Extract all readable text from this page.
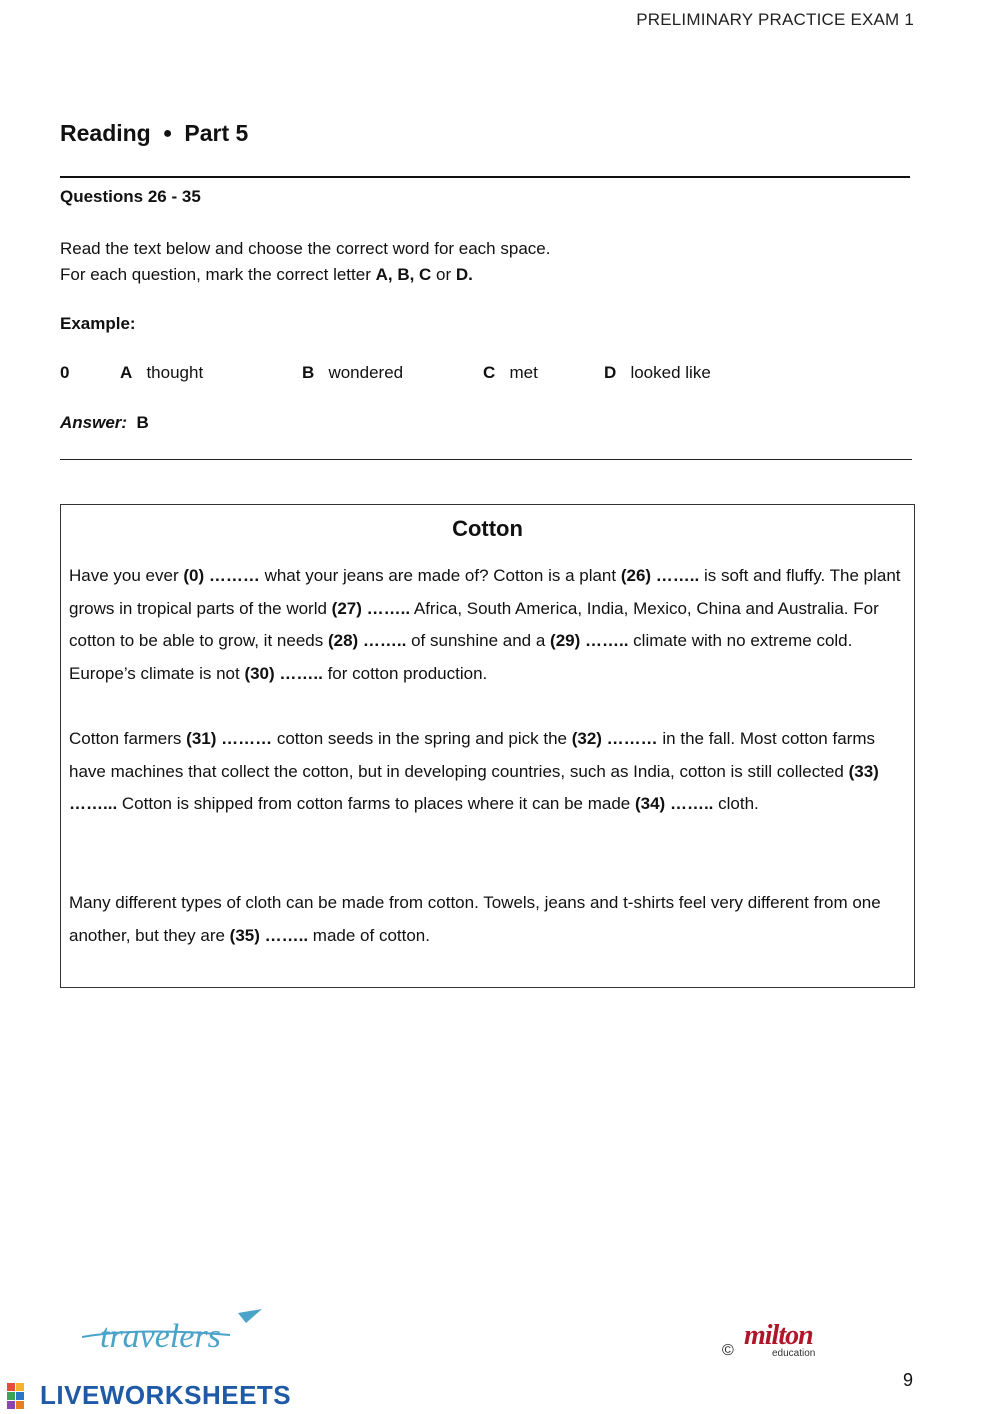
PRELIMINARY PRACTICE EXAM 1
Reading ● Part 5
Questions 26 - 35
Read the text below and choose the correct word for each space.
For each question, mark the correct letter A, B, C or D.
Example:
0	A thought	B wondered	C met	D looked like
Answer: B
Cotton
Have you ever (0) ……… what your jeans are made of? Cotton is a plant (26) …….. is soft and fluffy. The plant grows in tropical parts of the world (27) …….. Africa, South America, India, Mexico, China and Australia. For cotton to be able to grow, it needs (28) …….. of sunshine and a (29) …….. climate with no extreme cold. Europe’s climate is not (30) …….. for cotton production.
Cotton farmers (31) ……… cotton seeds in the spring and pick the (32) ……… in the fall. Most cotton farms have machines that collect the cotton, but in developing countries, such as India, cotton is still collected (33) ……... Cotton is shipped from cotton farms to places where it can be made (34) …….. cloth.
Many different types of cloth can be made from cotton. Towels, jeans and t-shirts feel very different from one another, but they are (35) …….. made of cotton.
travelers
LIVEWORKSHEETS
© milton
education
9
